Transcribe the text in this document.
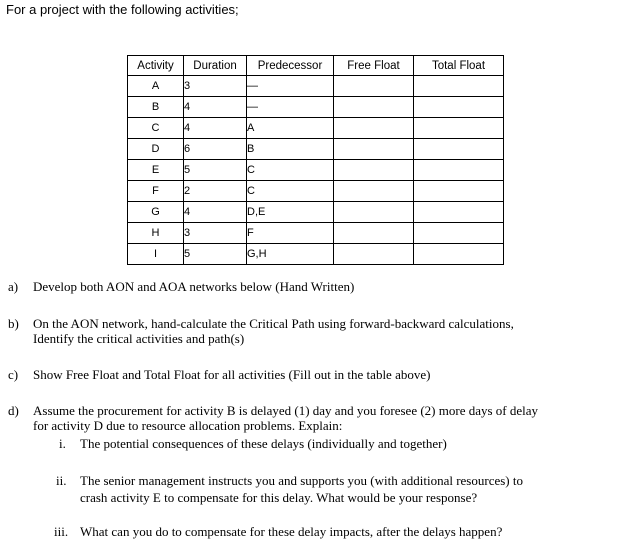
For a project with the following activities;
Activity	Duration	Predecessor	Free Float	Total Float
A	3	—		
B	4	—		
C	4	A		
D	6	B		
E	5	C		
F	2	C		
G	4	D,E		
H	3	F		
I	5	G,H		
a) Develop both AON and AOA networks below (Hand Written)
b) On the AON network, hand-calculate the Critical Path using forward-backward calculations,
Identify the critical activities and path(s)
c) Show Free Float and Total Float for all activities (Fill out in the table above)
d) Assume the procurement for activity B is delayed (1) day and you foresee (2) more days of delay
for activity D due to resource allocation problems. Explain:
i. The potential consequences of these delays (individually and together)
ii. The senior management instructs you and supports you (with additional resources) to
crash activity E to compensate for this delay. What would be your response?
iii. What can you do to compensate for these delay impacts, after the delays happen?
